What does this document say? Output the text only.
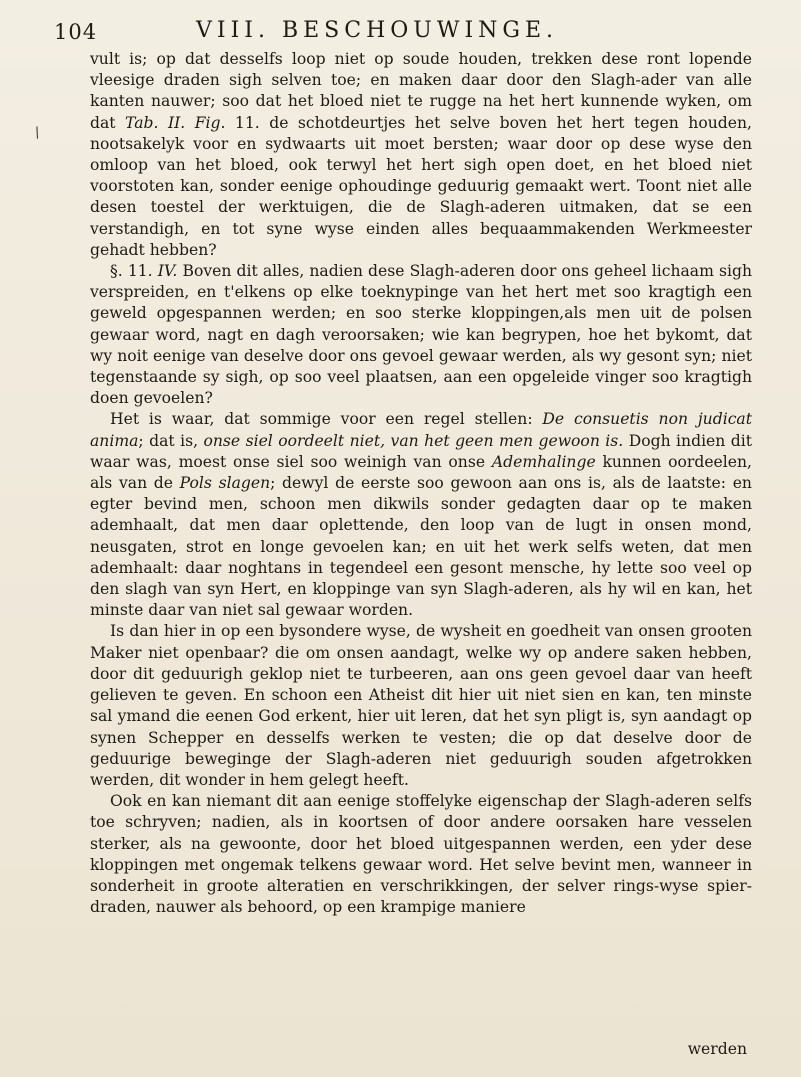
104	VIII. BESCHOUWINGE.
/

vult is; op dat desselfs loop niet op soude houden, trekken dese ront lopende vleesige draden sigh selven toe; en maken daar door den Slagh-ader van alle kanten nauwer; soo dat het bloed niet te rugge na het hert kunnende wyken, om dat Tab. II. Fig. 11. de schotdeurtjes het selve boven het hert tegen houden, nootsakelyk voor en sydwaarts uit moet bersten; waar door op dese wyse den omloop van het bloed, ook terwyl het hert sigh open doet, en het bloed niet voorstoten kan, sonder eenige ophoudinge geduurig gemaakt wert. Toont niet alle desen toestel der werktuigen, die de Slagh-aderen uitmaken, dat se een verstandigh, en tot syne wyse einden alles bequaammakenden Werkmeester gehadt hebben?

§. 11. IV. Boven dit alles, nadien dese Slagh-aderen door ons geheel lichaam sigh verspreiden, en t'elkens op elke toeknypinge van het hert met soo kragtigh een geweld opgespannen werden; en soo sterke kloppingen,als men uit de polsen gewaar word, nagt en dagh veroorsaken; wie kan begrypen, hoe het bykomt, dat wy noit eenige van deselve door ons gevoel gewaar werden, als wy gesont syn; niet tegenstaande sy sigh, op soo veel plaatsen, aan een opgeleide vinger soo kragtigh doen gevoelen?

Het is waar, dat sommige voor een regel stellen: De consuetis non judicat anima; dat is, onse siel oordeelt niet, van het geen men gewoon is. Dogh indien dit waar was, moest onse siel soo weinigh van onse Ademhalinge kunnen oordeelen, als van de Pols slagen; dewyl de eerste soo gewoon aan ons is, als de laatste: en egter bevind men, schoon men dikwils sonder gedagten daar op te maken ademhaalt, dat men daar oplettende, den loop van de lugt in onsen mond, neusgaten, strot en longe gevoelen kan; en uit het werk selfs weten, dat men ademhaalt: daar noghtans in tegendeel een gesont menschе, hy lette soo veel op den slagh van syn Hert, en kloppinge van syn Slagh-aderen, als hy wil en kan, het minste daar van niet sal gewaar worden.

Is dan hier in op een bysondere wyse, de wysheit en goedheit van onsen grooten Maker niet openbaar? die om onsen aandagt, welke wy op andere saken hebben, door dit geduurigh geklop niet te turbeeren, aan ons geen gevoel daar van heeft gelieven te geven. En schoon een Atheist dit hier uit niet sien en kan, ten minste sal ymand die eenen God erkent, hier uit leren, dat het syn pligt is, syn aandagt op synen Schepper en desselfs werken te vesten; die op dat deselve door de geduurige beweginge der Slagh-aderen niet geduurigh souden afgetrokken werden, dit wonder in hem gelegt heeft.

Ook en kan niemant dit aan eenige stoffelyke eigenschap der Slagh-aderen selfs toe schryven; nadien, als in koortsen of door andere oorsaken hare vesselen sterker, als na gewoonte, door het bloed uitgespannen werden, een yder dese kloppingen met ongemak telkens gewaar word. Het selve bevint men, wanneer in sonderheit in groote alteratien en verschrikkingen, der selver rings-wyse spier-draden, nauwer als behoord, op een krampige maniere

werden
